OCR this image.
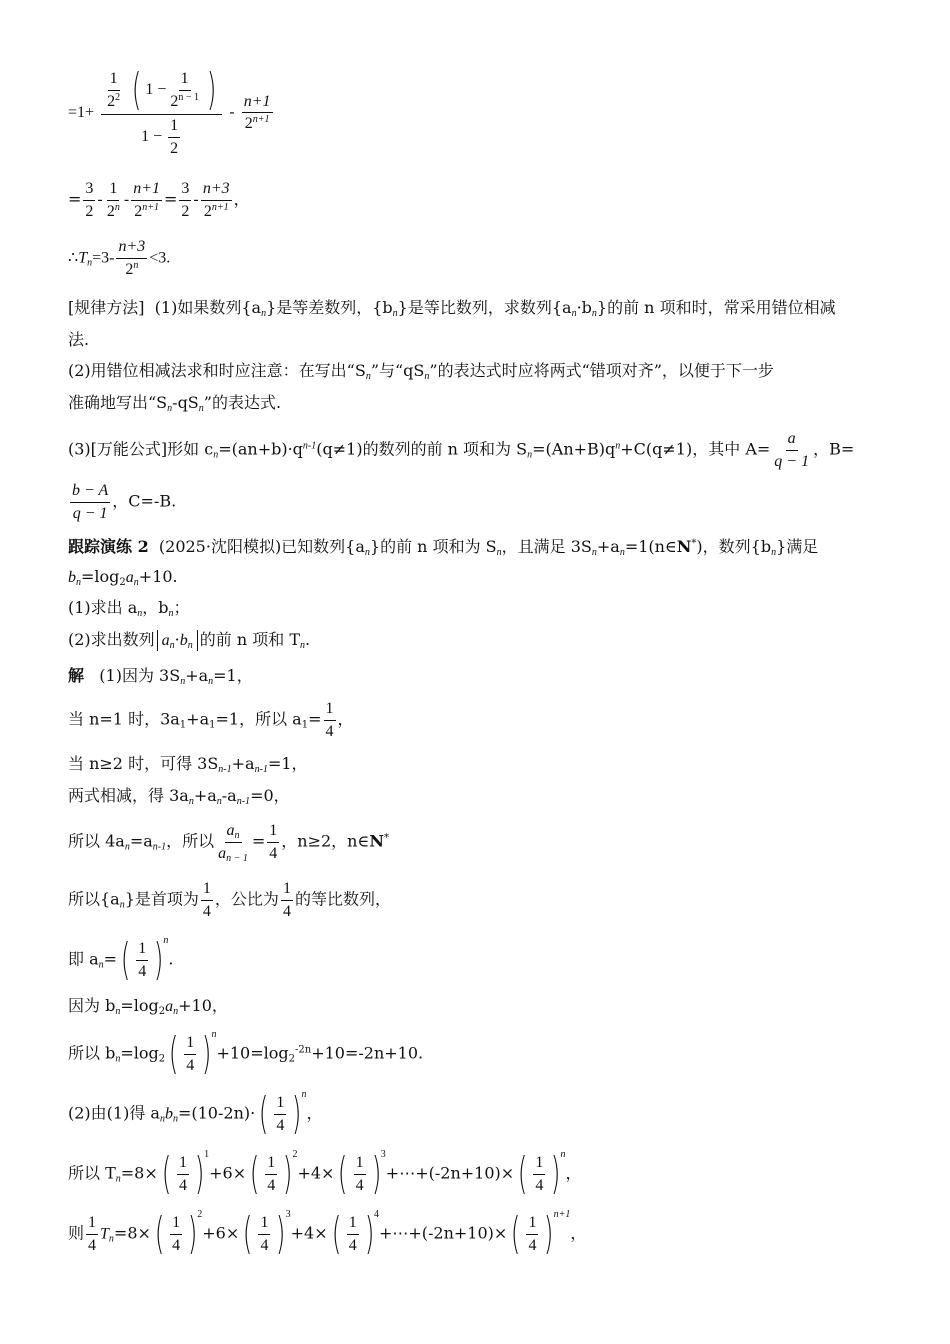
$=1+ \frac{1}{2^2}$
( $1 - \frac{1}{2^{n - 1}}$ )
$1 - \frac{1}{2} - \frac{n+1}{2^{n+1}}$
= $\frac{3}{2} - \frac{1}{2^n} - \frac{n+1}{2^{n+1}} = \frac{3}{2} - \frac{n+3}{2^{n+1}}$ ，
$\therefore T_n=3- \frac{n+3}{2^n} <3$.
[规律方法] (1)如果数列$\{a_n\}$是等差数列，$\{b_n\}$是等比数列，求数列$\{a_n\cdot b_n\}$的前 n 项和时，常采用错位相减
法.
(2)用错位相减法求和时应注意：在写出“$S_n$”与“$qS_n$”的表达式时应将两式“错项对齐”，以便于下一步
准确地写出“$S_n-qS_n$”的表达式.
(3)[万能公式]形如 $c_n=(an+b)\cdot q^{n-1}(q\ne 1)$的数列的前 n 项和为 $S_n=(An+B)q^n+C(q\ne 1)$，其中 $A= \frac{a}{q - 1}$ ，B=
$\frac{b - A}{q - 1}$ ，C=-B.
跟踪演练 2 (2025·沈阳模拟)已知数列$\{a_n\}$的前 n 项和为 $S_n$，且满足 $3S_n+a_n=1(n\in N^*)$，数列$\{b_n\}$满足
$b_n=\log_2a_n+10$.
(1)求出 $a_n$，$b_n$；
(2)求出数列 $a_n\cdot b_n$ 的前 n 项和 $T_n$.
解 (1)因为 $3S_n+a_n=1$，
当 n=1 时，$3a_1+a_1=1$，所以 $a_1= \frac{1}{4}$ ，
当 n≥2 时，可得 $3S_{n-1}+a_{n-1}=1$，
两式相减，得 $3a_n+a_n-a_{n-1}=0$，
所以 $4a_n=a_{n-1}$，所以 $\frac{a_n}{a_{n - 1}} = \frac{1}{4}$ ，n≥2，n∈N*
所以$\{a_n\}$是首项为 $\frac{1}{4}$ ，公比为 $\frac{1}{4}$ 的等比数列，
即 $a_n=$ ( $\frac{1}{4}$ ) n
.
因为 $b_n=\log_2a_n+10$，
所以 $b_n=\log_2$ ( $\frac{1}{4}$ ) n
$+10=\log_2^{-2n}+10=-2n+10$.
(2)由(1)得 $a_nb_n=(10-2n)\cdot$ ( $\frac{1}{4}$ ) n
，
所以 $T_n=8\times$ ( $\frac{1}{4}$ ) 1
+6× ( $\frac{1}{4}$ ) 2
+4× ( $\frac{1}{4}$ ) 3
+⋯+(-2n+10)× ( $\frac{1}{4}$ ) n
，
则 $\frac{1}{4} T_n=8\times$ ( $\frac{1}{4}$ ) 2
+6× ( $\frac{1}{4}$ ) 3
+4× ( $\frac{1}{4}$ ) 4
+⋯+(-2n+10)× ( $\frac{1}{4}$ ) n+1
，
